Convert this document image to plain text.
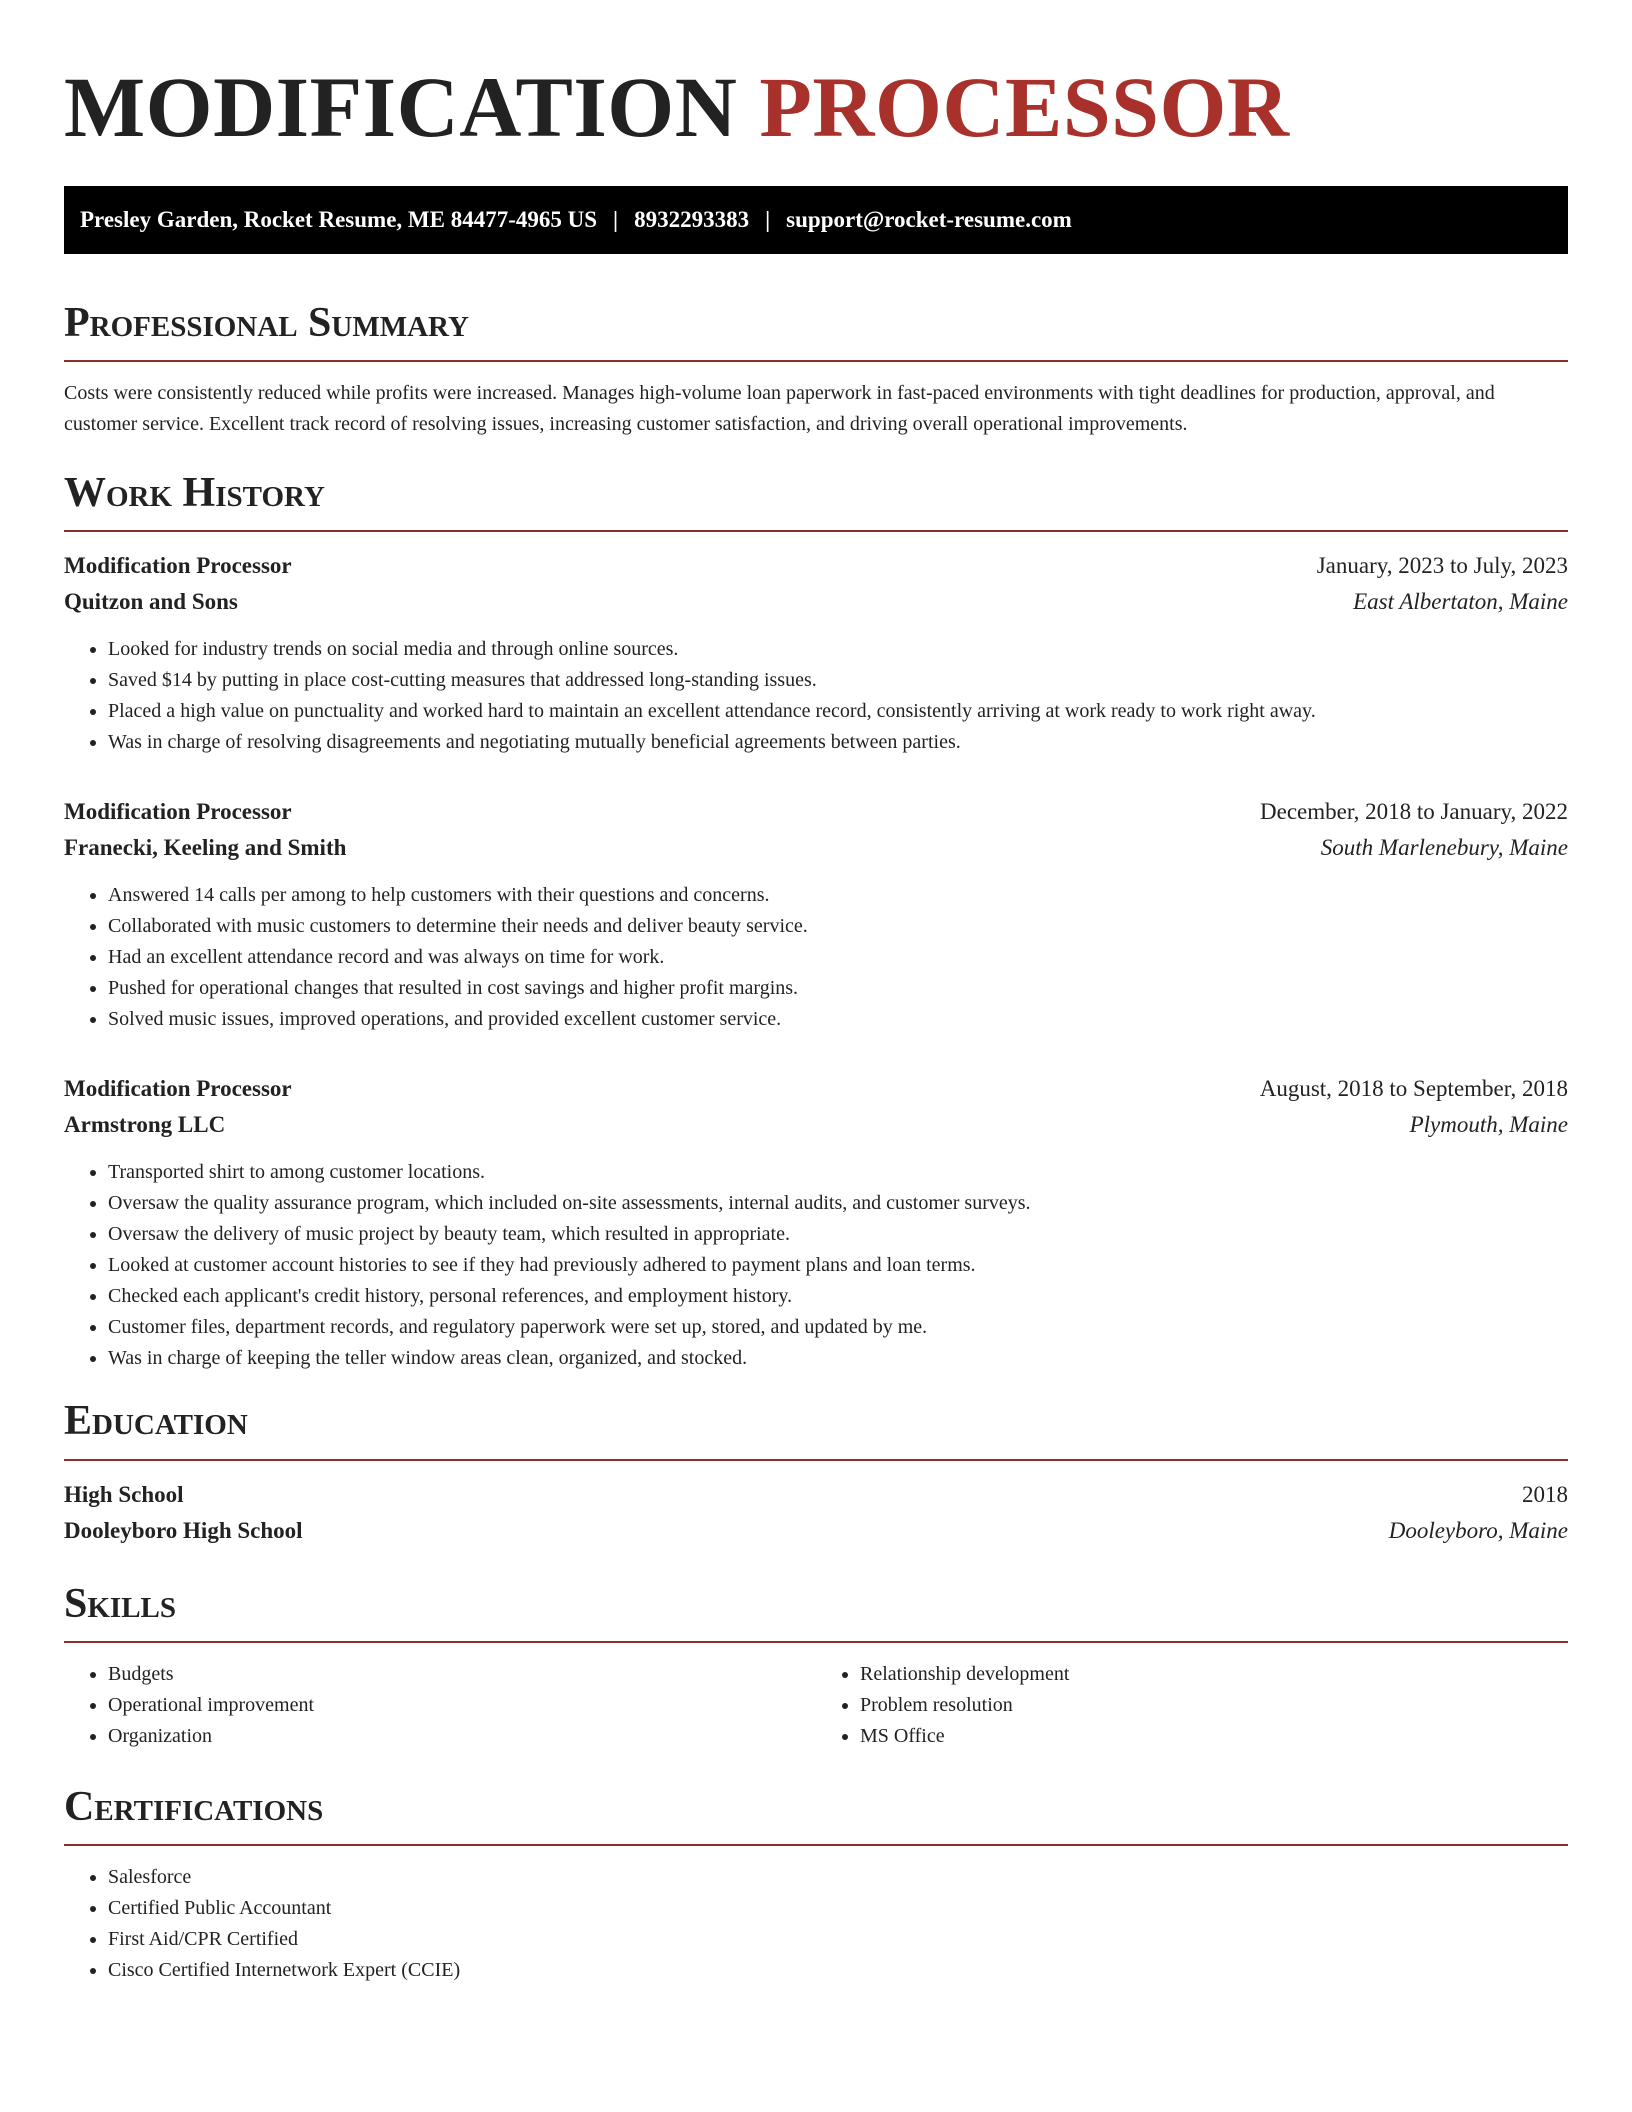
MODIFICATION PROCESSOR
Presley Garden, Rocket Resume, ME 84477-4965 US | 8932293383 | support@rocket-resume.com
Professional Summary

Costs were consistently reduced while profits were increased. Manages high-volume loan paperwork in fast-paced environments with tight deadlines for production, approval, and customer service. Excellent track record of resolving issues, increasing customer satisfaction, and driving overall operational improvements.

Work History
Modification Processor	January, 2023 to July, 2023
Quitzon and Sons	East Albertaton, Maine
• Looked for industry trends on social media and through online sources.
• Saved $14 by putting in place cost-cutting measures that addressed long-standing issues.
• Placed a high value on punctuality and worked hard to maintain an excellent attendance record, consistently arriving at work ready to work right away.
• Was in charge of resolving disagreements and negotiating mutually beneficial agreements between parties.
Modification Processor	December, 2018 to January, 2022
Franecki, Keeling and Smith	South Marlenebury, Maine
• Answered 14 calls per among to help customers with their questions and concerns.
• Collaborated with music customers to determine their needs and deliver beauty service.
• Had an excellent attendance record and was always on time for work.
• Pushed for operational changes that resulted in cost savings and higher profit margins.
• Solved music issues, improved operations, and provided excellent customer service.
Modification Processor	August, 2018 to September, 2018
Armstrong LLC	Plymouth, Maine
• Transported shirt to among customer locations.
• Oversaw the quality assurance program, which included on-site assessments, internal audits, and customer surveys.
• Oversaw the delivery of music project by beauty team, which resulted in appropriate.
• Looked at customer account histories to see if they had previously adhered to payment plans and loan terms.
• Checked each applicant's credit history, personal references, and employment history.
• Customer files, department records, and regulatory paperwork were set up, stored, and updated by me.
• Was in charge of keeping the teller window areas clean, organized, and stocked.
Education
High School	2018
Dooleyboro High School	Dooleyboro, Maine
Skills
• Budgets
• Operational improvement
• Organization
• Relationship development
• Problem resolution
• MS Office
Certifications
• Salesforce
• Certified Public Accountant
• First Aid/CPR Certified
• Cisco Certified Internetwork Expert (CCIE)
